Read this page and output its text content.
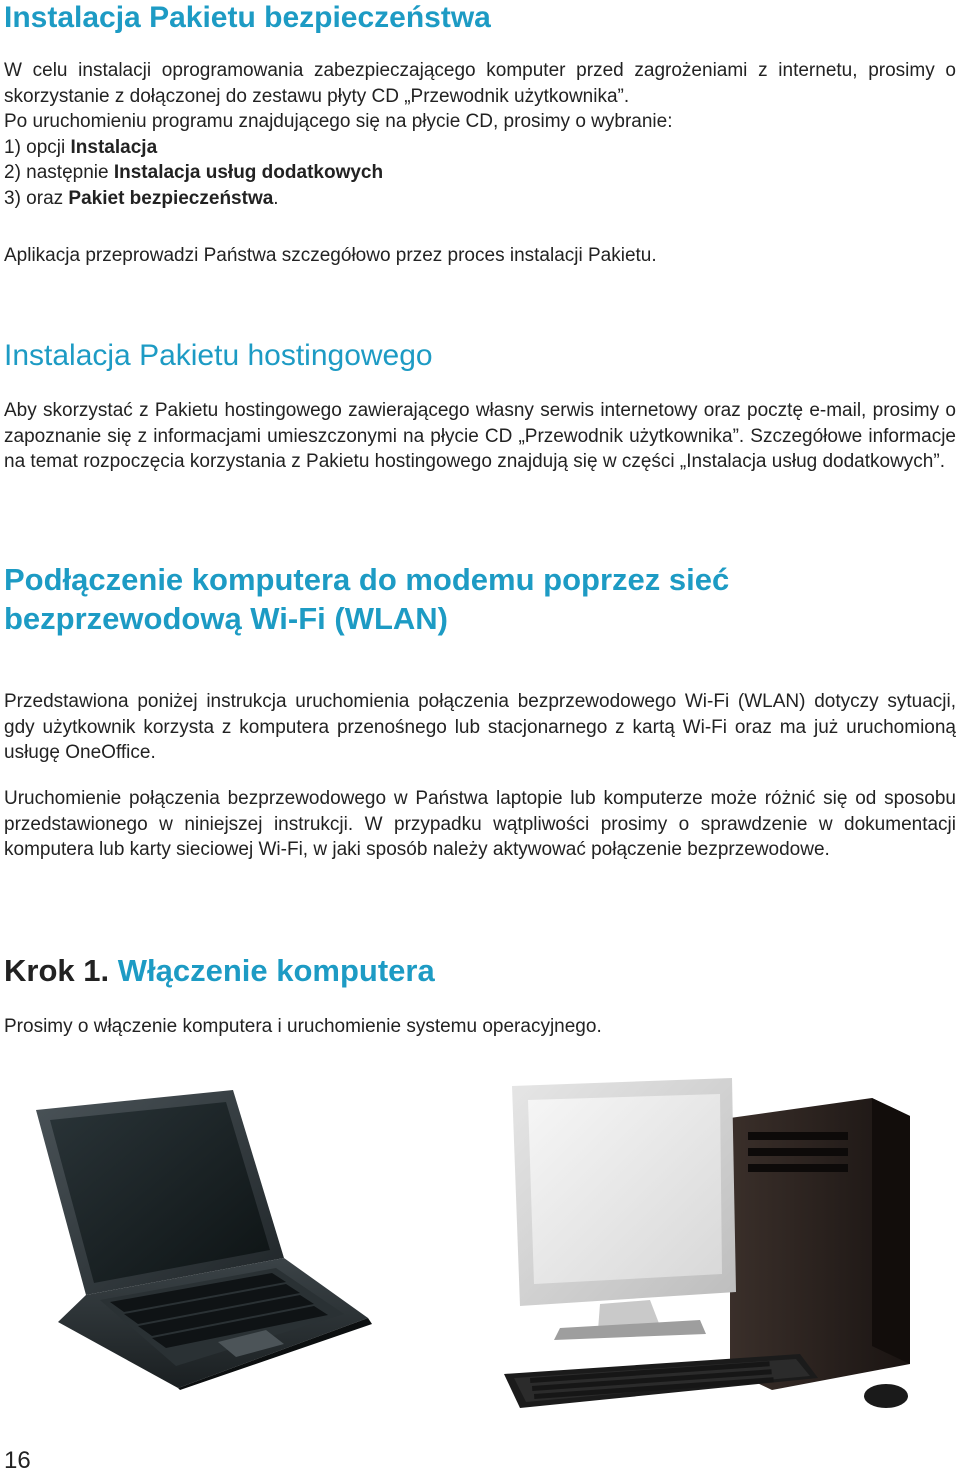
Instalacja Pakietu bezpieczeństwa

W celu instalacji oprogramowania zabezpieczającego komputer przed zagrożeniami z internetu, prosimy o skorzystanie z dołączonej do zestawu płyty CD „Przewodnik użytkownika”.

Po uruchomieniu programu znajdującego się na płycie CD, prosimy o wybranie:

1) opcji Instalacja

2) następnie Instalacja usług dodatkowych

3) oraz Pakiet bezpieczeństwa.

Aplikacja przeprowadzi Państwa szczegółowo przez proces instalacji Pakietu.

Instalacja Pakietu hostingowego

Aby skorzystać z Pakietu hostingowego zawierającego własny serwis internetowy oraz pocztę e-mail, prosimy o zapoznanie się z informacjami umieszczonymi na płycie CD „Przewodnik użytkownika”. Szczegółowe informacje na temat rozpoczęcia korzystania z Pakietu hostingowego znajdują się w części „Instalacja usług dodatkowych”.

Podłączenie komputera do modemu poprzez sieć
bezprzewodową Wi-Fi (WLAN)

Przedstawiona poniżej instrukcja uruchomienia połączenia bezprzewodowego Wi-Fi (WLAN) dotyczy sytuacji, gdy użytkownik korzysta z komputera przenośnego lub stacjonarnego z kartą Wi-Fi oraz ma już uruchomioną usługę OneOffice.

Uruchomienie połączenia bezprzewodowego w Państwa laptopie lub komputerze może różnić się od sposobu przedstawionego w niniejszej instrukcji. W przypadku wątpliwości prosimy o sprawdzenie w dokumentacji komputera lub karty sieciowej Wi-Fi, w jaki sposób należy aktywować połączenie bezprzewodowe.

Krok 1. Włączenie komputera

Prosimy o włączenie komputera i uruchomienie systemu operacyjnego.

16
